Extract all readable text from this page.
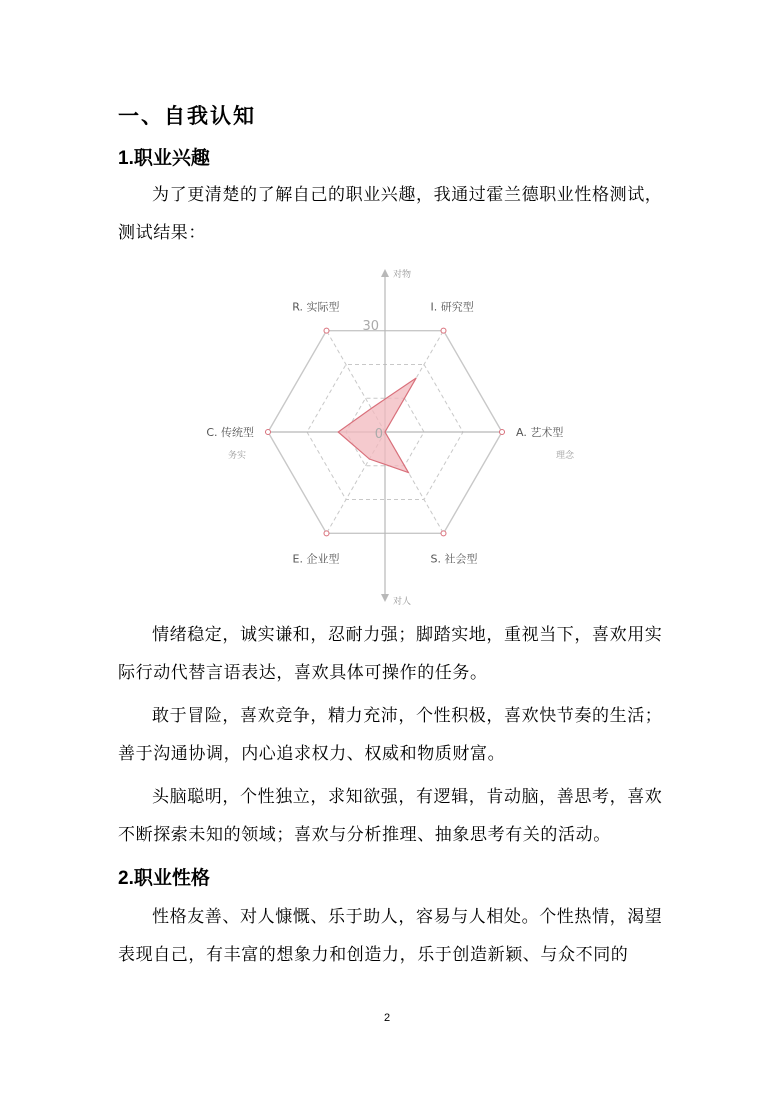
一、自我认知
1.职业兴趣
为了更清楚的了解自己的职业兴趣，我通过霍兰德职业性格测试，测试结果：
I. 研究型
A. 艺术型
S. 社会型
E. 企业型
C. 传统型
R. 实际型
30
0
对物
对人
务实	理念
情绪稳定，诚实谦和，忍耐力强；脚踏实地，重视当下，喜欢用实际行动代替言语表达，喜欢具体可操作的任务。
敢于冒险，喜欢竞争，精力充沛，个性积极，喜欢快节奏的生活；善于沟通协调，内心追求权力、权威和物质财富。
头脑聪明，个性独立，求知欲强，有逻辑，肯动脑，善思考，喜欢不断探索未知的领域；喜欢与分析推理、抽象思考有关的活动。
2.职业性格
性格友善、对人慷慨、乐于助人，容易与人相处。个性热情，渴望表现自己，有丰富的想象力和创造力，乐于创造新颖、与众不同的
2
